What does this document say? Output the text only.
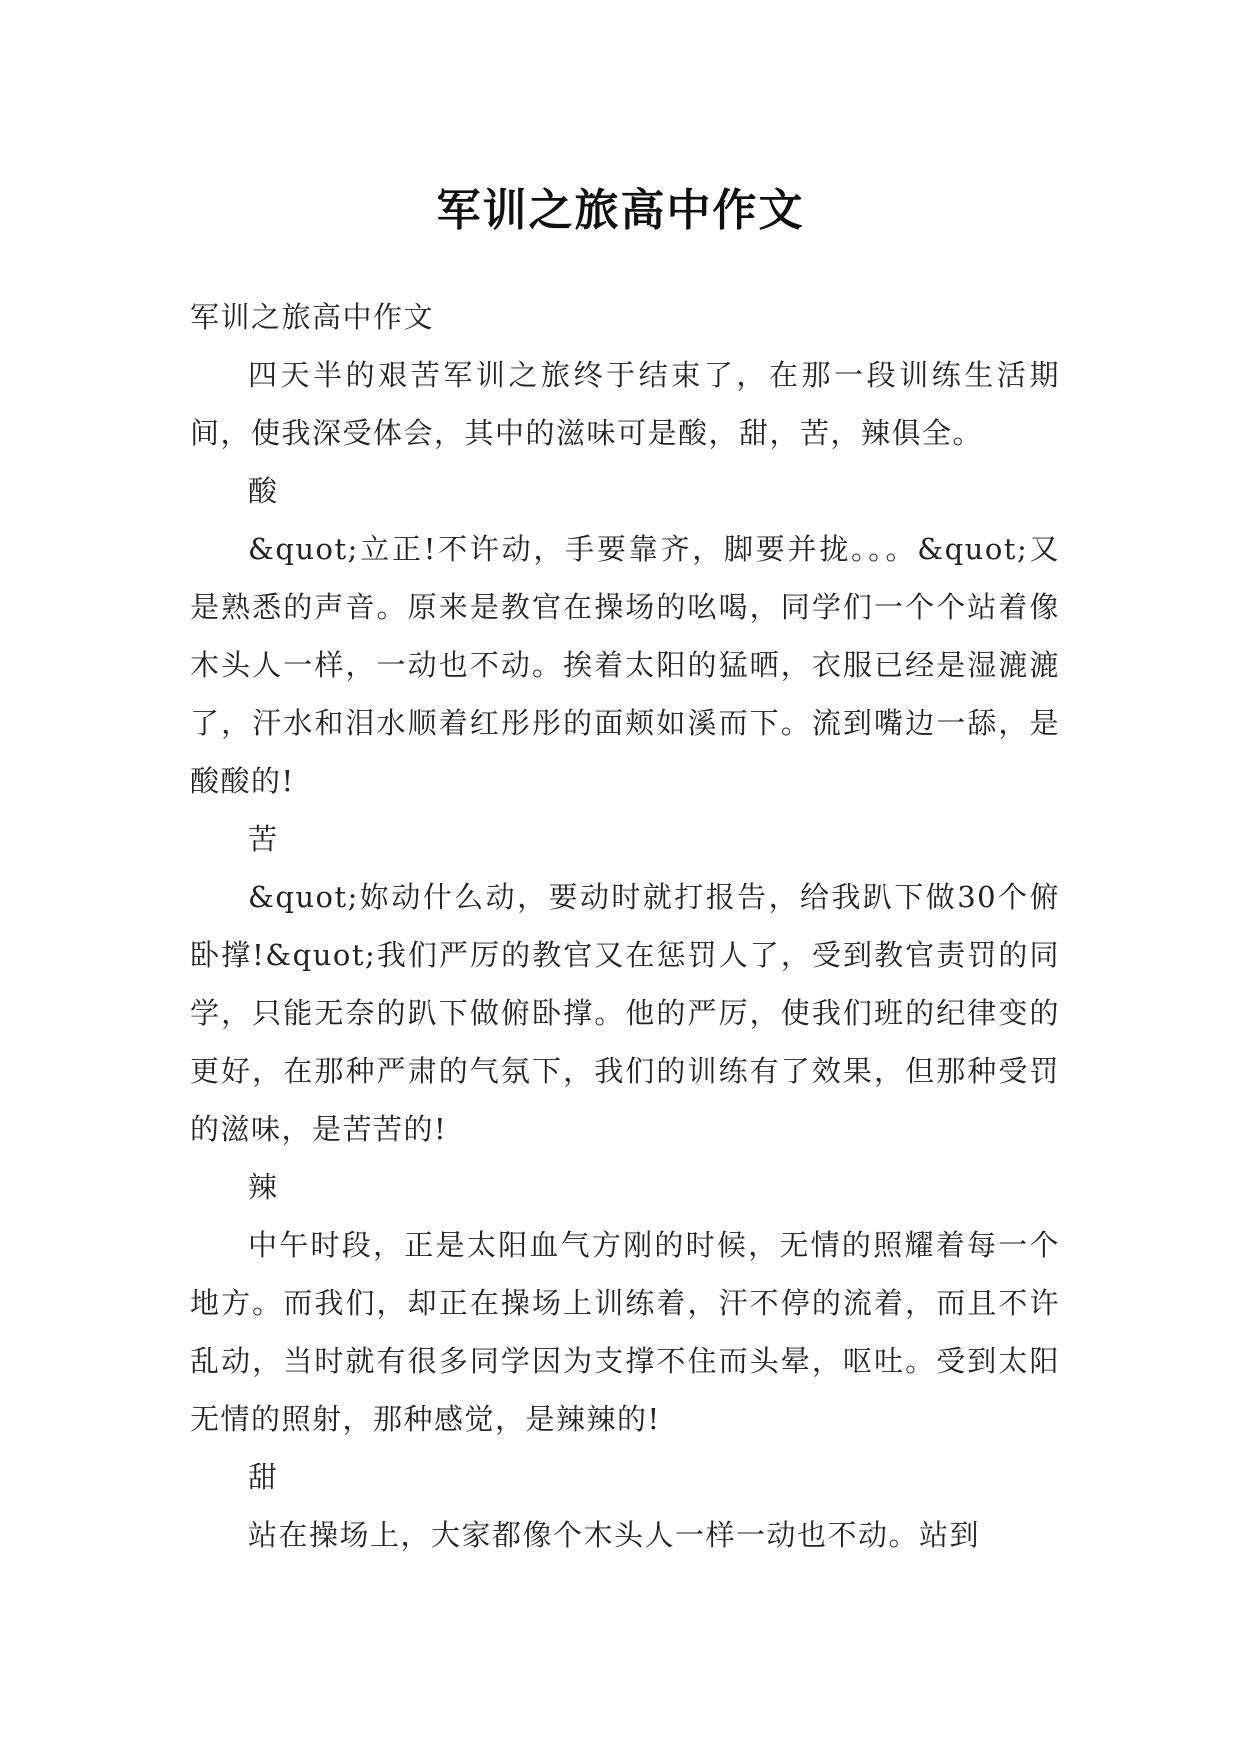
军训之旅高中作文

军训之旅高中作文

四天半的艰苦军训之旅终于结束了，在那一段训练生活期间，使我深受体会，其中的滋味可是酸，甜，苦，辣俱全。

酸

&quot;立正!不许动，手要靠齐，脚要并拢。。。&quot;又是熟悉的声音。原来是教官在操场的吆喝，同学们一个个站着像木头人一样，一动也不动。挨着太阳的猛晒，衣服已经是湿漉漉了，汗水和泪水顺着红彤彤的面颊如溪而下。流到嘴边一舔，是酸酸的!

苦

&quot;妳动什么动，要动时就打报告，给我趴下做30个俯卧撑!&quot;我们严厉的教官又在惩罚人了，受到教官责罚的同学，只能无奈的趴下做俯卧撑。他的严厉，使我们班的纪律变的更好，在那种严肃的气氛下，我们的训练有了效果，但那种受罚的滋味，是苦苦的!

辣

中午时段，正是太阳血气方刚的时候，无情的照耀着每一个地方。而我们，却正在操场上训练着，汗不停的流着，而且不许乱动，当时就有很多同学因为支撑不住而头晕，呕吐。受到太阳无情的照射，那种感觉，是辣辣的!

甜

站在操场上，大家都像个木头人一样一动也不动。站到
